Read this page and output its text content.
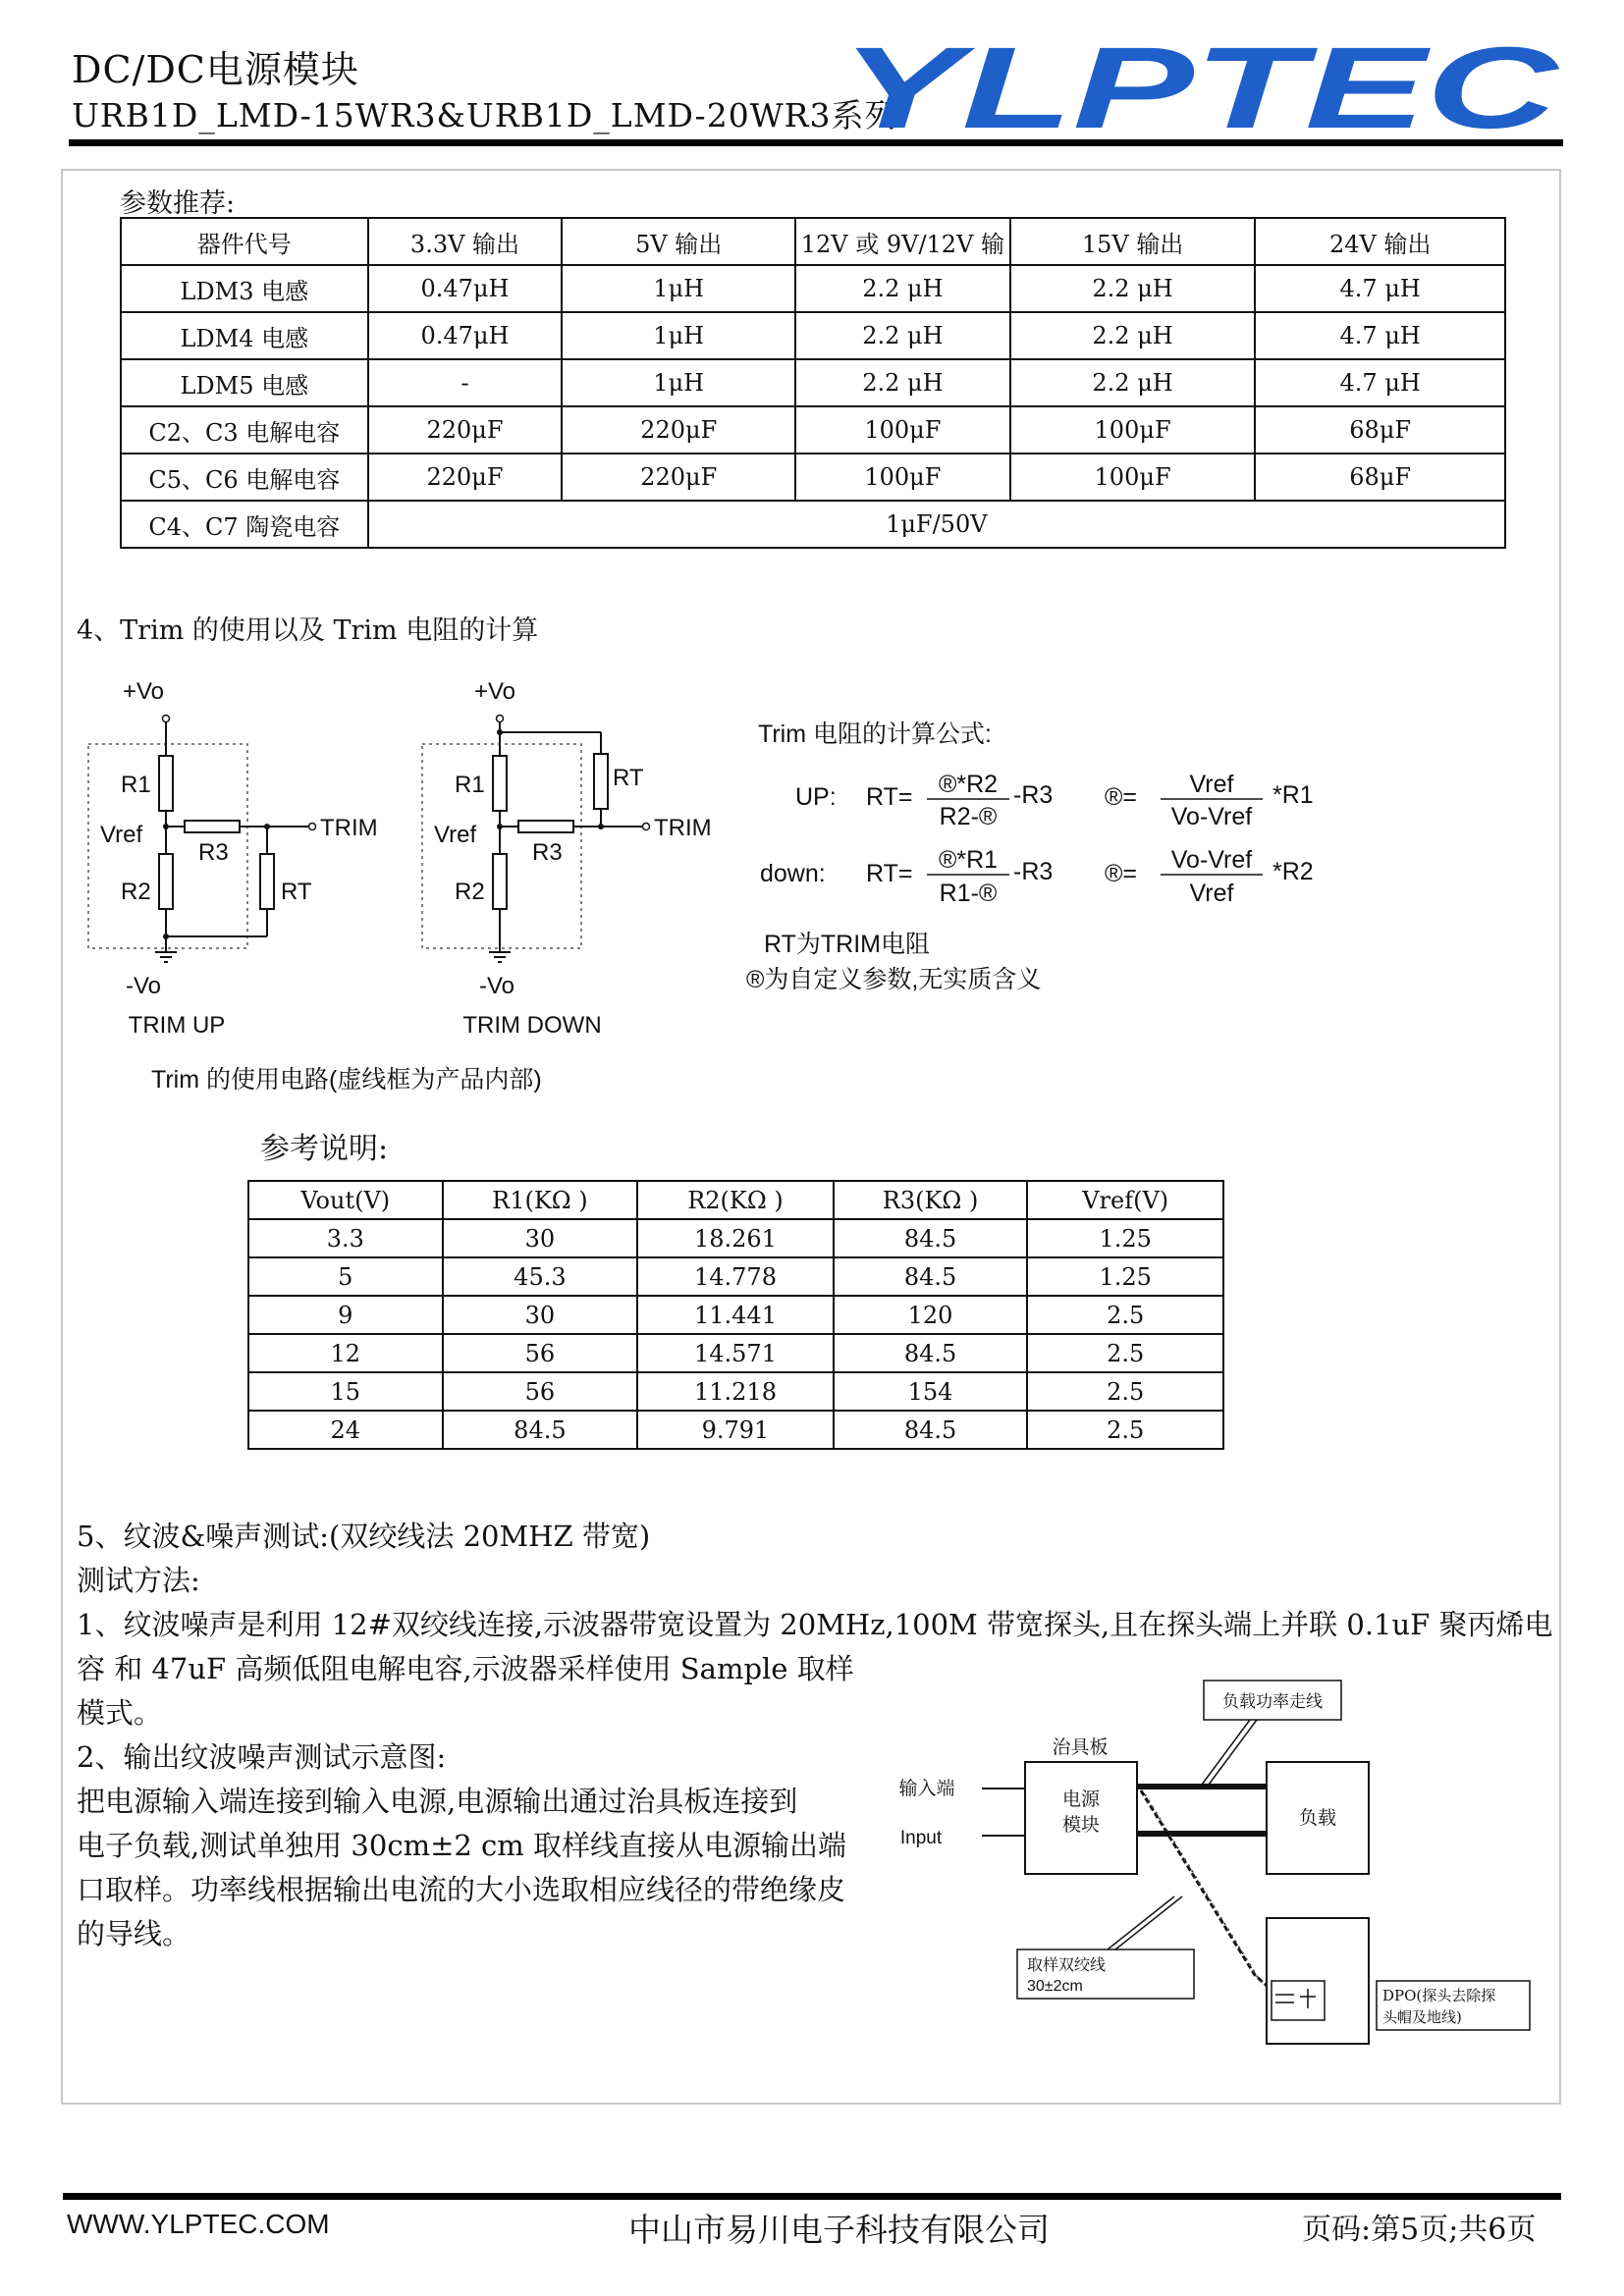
DC/DC电源模块
URB1D_LMD-15WR3&URB1D_LMD-20WR3系列
YLPTEC
参数推荐:
器件代号	3.3V 输出	5V 输出	12V 或 9V/12V 输	15V 输出	24V 输出
LDM3 电感	0.47μH	1μH	2.2 μH	2.2 μH	4.7 μH
LDM4 电感	0.47μH	1μH	2.2 μH	2.2 μH	4.7 μH
LDM5 电感	-	1μH	2.2 μH	2.2 μH	4.7 μH
C2、C3 电解电容	220μF	220μF	100μF	100μF	68μF
C5、C6 电解电容	220μF	220μF	100μF	100μF	68μF
C4、C7 陶瓷电容	1μF/50V				
4、Trim 的使用以及 Trim 电阻的计算
+Vo
R1
Vref
R3
R2	RT
TRIM
-Vo
TRIM UP
+Vo
R1
Vref
R3
R2
RT
TRIM
-Vo
TRIM DOWN
Trim 的使用电路(虚线框为产品内部)
Trim 电阻的计算公式:
UP: RT= ®*R2
R2-®
-R3 ®= Vref
Vo-Vref
*R1
down: RT= ®*R1
R1-®
-R3 ®= Vo-Vref
Vref
*R2
RT为TRIM电阻
®为自定义参数,无实质含义
参考说明:
Vout(V)	R1(KΩ )	R2(KΩ )	R3(KΩ )	Vref(V)
3.3	30	18.261	84.5	1.25
5	45.3	14.778	84.5	1.25
9	30	11.441	120	2.5
12	56	14.571	84.5	2.5
15	56	11.218	154	2.5
24	84.5	9.791	84.5	2.5
5、纹波&噪声测试:(双绞线法 20MHZ 带宽)
测试方法:
1、纹波噪声是利用 12#双绞线连接,示波器带宽设置为 20MHz,100M 带宽探头,且在探头端上并联 0.1uF 聚丙烯电
容 和 47uF 高频低阻电解电容,示波器采样使用 Sample 取样
模式。
2、输出纹波噪声测试示意图:
把电源输入端连接到输入电源,电源输出通过治具板连接到
电子负载,测试单独用 30cm±2 cm 取样线直接从电源输出端
口取样。功率线根据输出电流的大小选取相应线径的带绝缘皮
的导线。
负载功率走线
治具板
输入端
Input
电源
模块	负载
取样双绞线
30±2cm
DPO(探头去除探
头帽及地线)
WWW.YLPTEC.COM	中山市易川电子科技有限公司	页码:第5页;共6页
